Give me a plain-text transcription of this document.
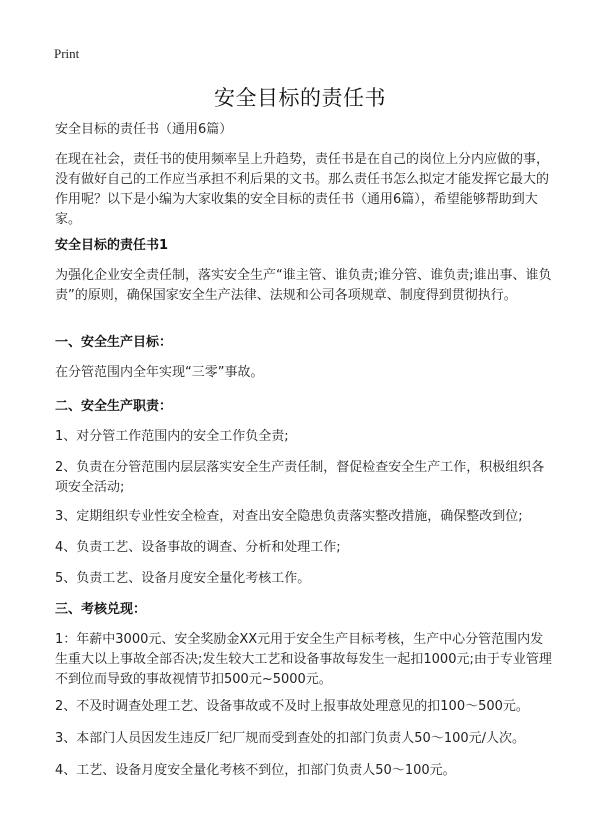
Print
安全目标的责任书

安全目标的责任书（通用6篇）

在现在社会，责任书的使用频率呈上升趋势，责任书是在自己的岗位上分内应做的事，没有做好自己的工作应当承担不利后果的文书。那么责任书怎么拟定才能发挥它最大的作用呢？以下是小编为大家收集的安全目标的责任书（通用6篇），希望能够帮助到大家。

安全目标的责任书1

为强化企业安全责任制，落实安全生产“谁主管、谁负责;谁分管、谁负责;谁出事、谁负责”的原则，确保国家安全生产法律、法规和公司各项规章、制度得到贯彻执行。

一、安全生产目标：

在分管范围内全年实现“三零”事故。

二、安全生产职责：

1、对分管工作范围内的安全工作负全责;

2、负责在分管范围内层层落实安全生产责任制，督促检查安全生产工作，积极组织各项安全活动;

3、定期组织专业性安全检查，对查出安全隐患负责落实整改措施，确保整改到位;

4、负责工艺、设备事故的调查、分析和处理工作;

5、负责工艺、设备月度安全量化考核工作。

三、考核兑现：

1：年薪中3000元、安全奖励金XX元用于安全生产目标考核，生产中心分管范围内发生重大以上事故全部否决;发生较大工艺和设备事故每发生一起扣1000元;由于专业管理不到位而导致的事故视情节扣500元~5000元。

2、不及时调查处理工艺、设备事故或不及时上报事故处理意见的扣100～500元。

3、本部门人员因发生违反厂纪厂规而受到查处的扣部门负责人50～100元/人次。

4、工艺、设备月度安全量化考核不到位，扣部门负责人50～100元。
